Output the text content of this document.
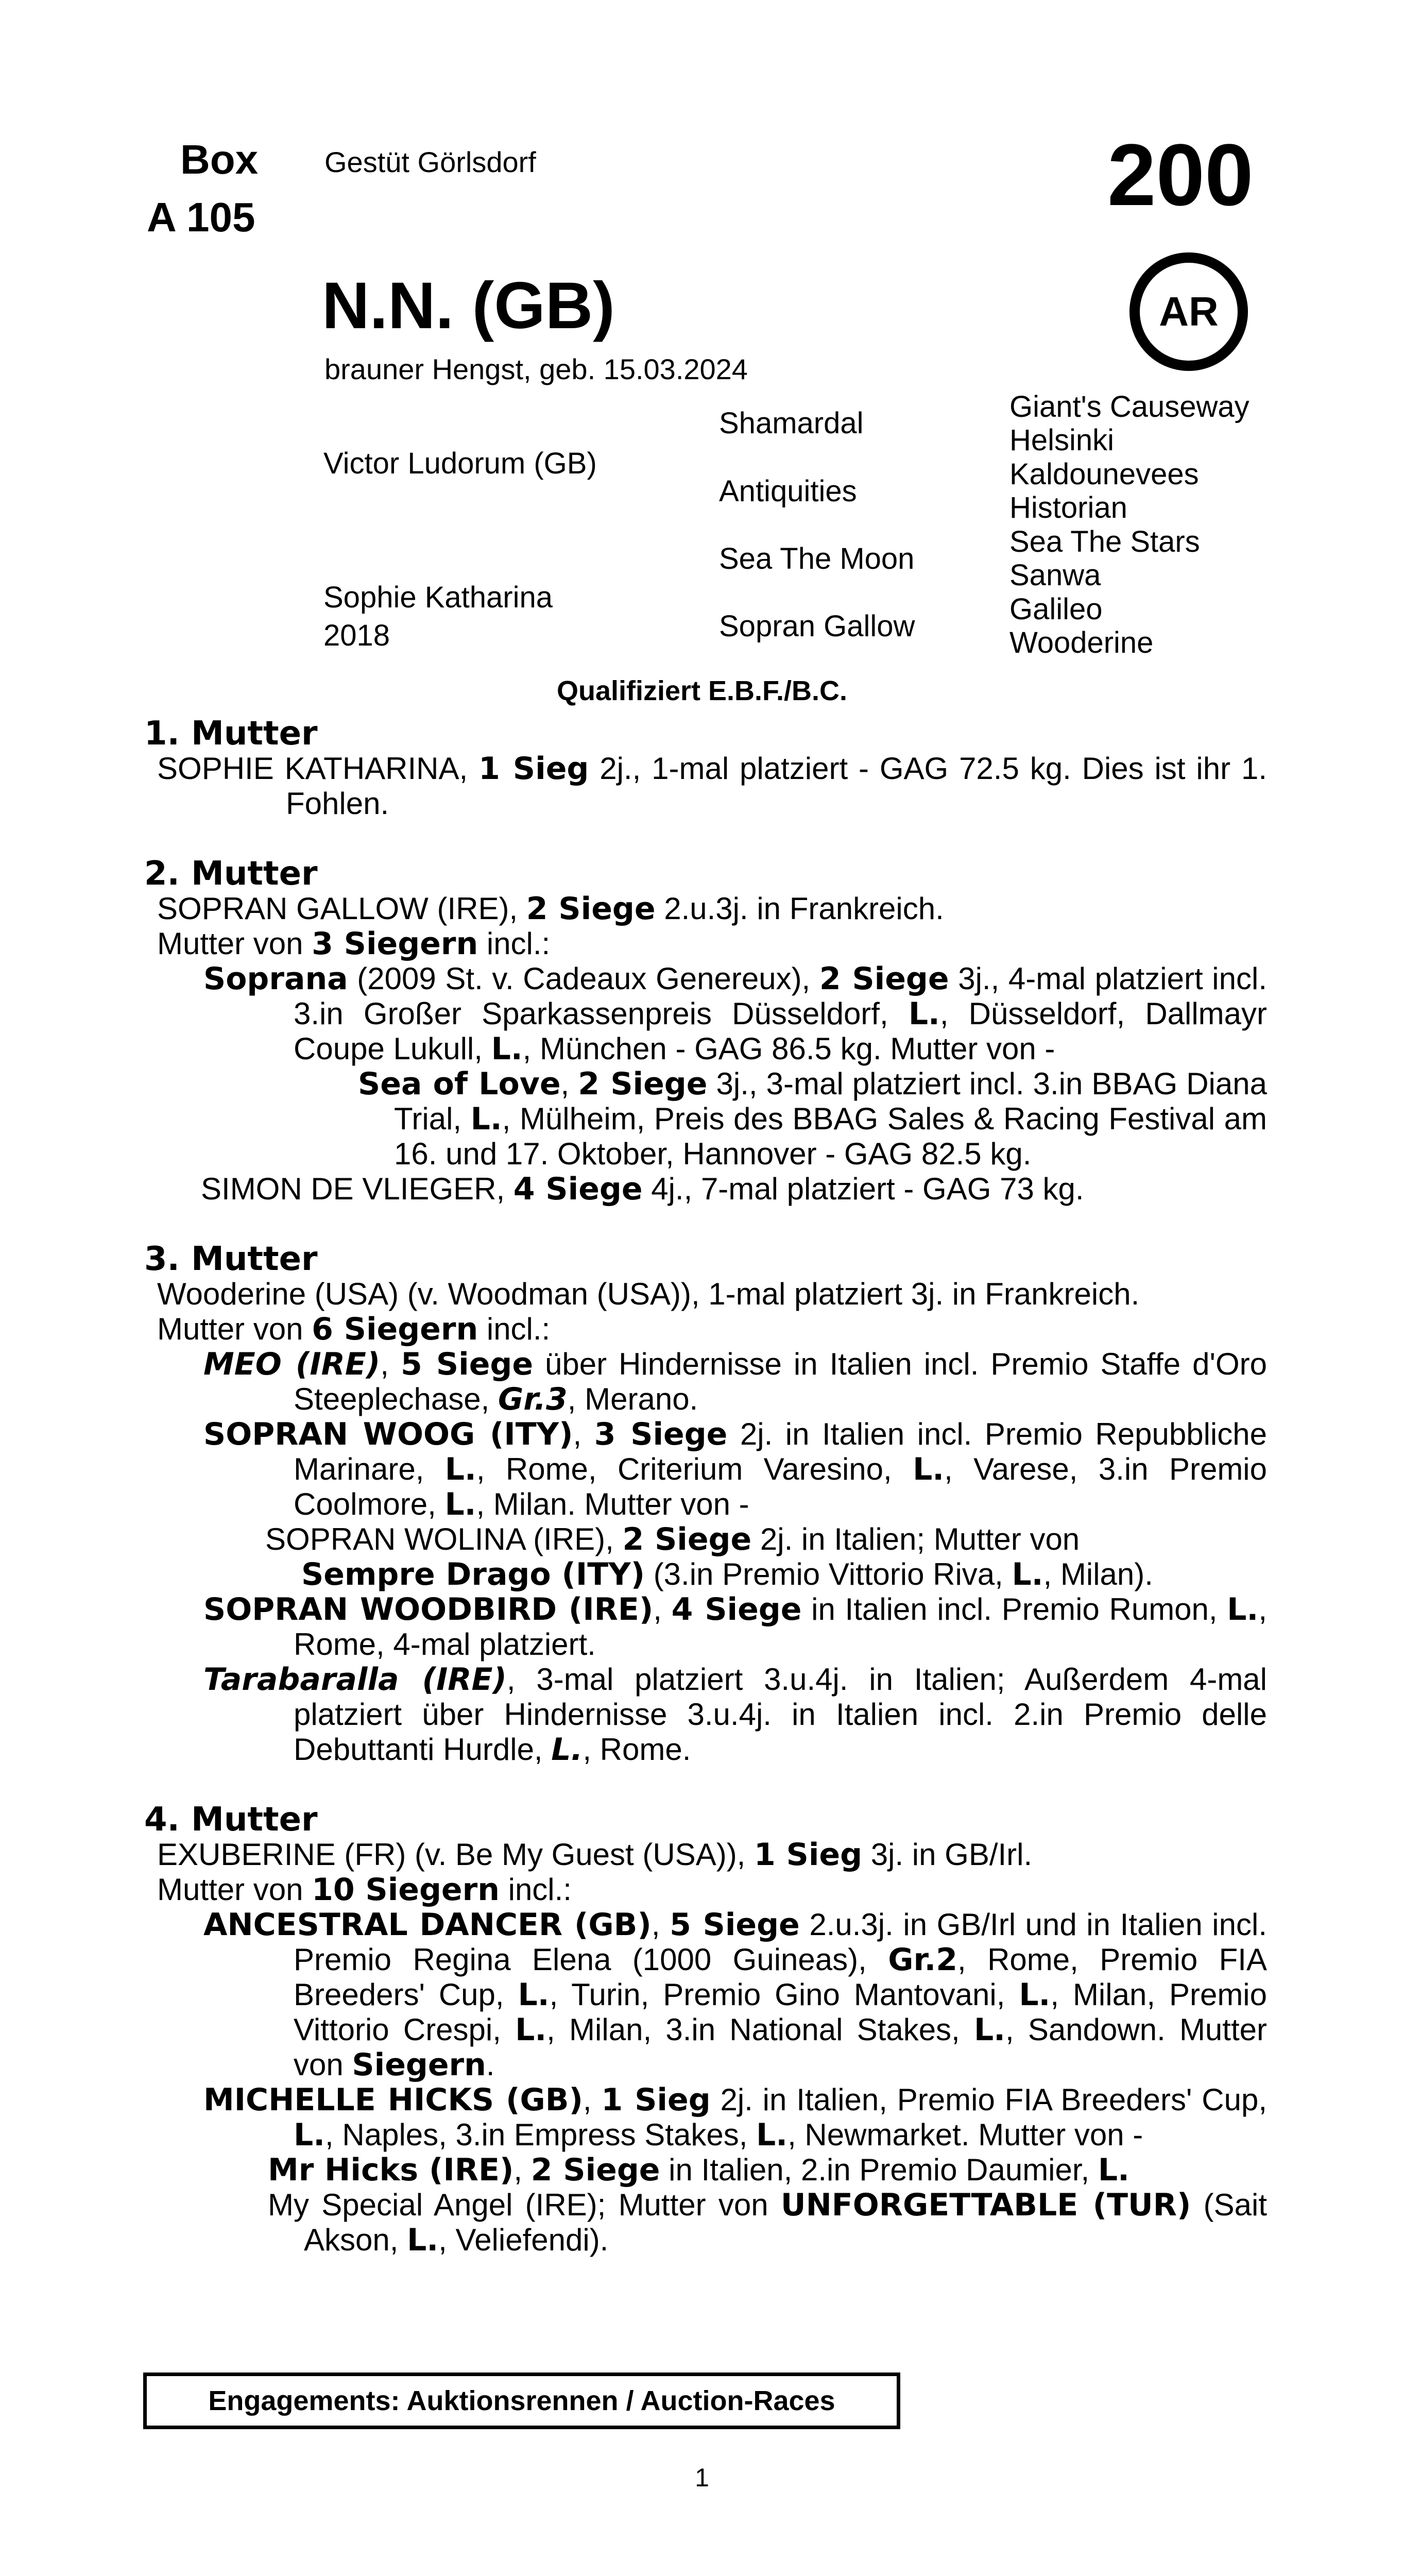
Box
A 105
Gestüt Görlsdorf	200
N.N. (GB)	AR
brauner Hengst, geb. 15.03.2024
Victor Ludorum (GB)
Sophie Katharina
2018
Shamardal
Antiquities
Sea The Moon
Sopran Gallow
Giant's Causeway
Helsinki
Kaldounevees
Historian
Sea The Stars
Sanwa
Galileo
Wooderine
Qualifiziert E.B.F./B.C.
1. Mutter
SOPHIE KATHARINA, 1 Sieg 2j., 1-mal platziert - GAG 72.5 kg. Dies ist ihr 1. Fohlen.
2. Mutter
SOPRAN GALLOW (IRE), 2 Siege 2.u.3j. in Frankreich.
Mutter von 3 Siegern incl.:
Soprana (2009 St. v. Cadeaux Genereux), 2 Siege 3j., 4-mal platziert incl. 3.in Großer Sparkassenpreis Düsseldorf, L., Düsseldorf, Dallmayr Coupe Lukull, L., München - GAG 86.5 kg. Mutter von -
Sea of Love, 2 Siege 3j., 3-mal platziert incl. 3.in BBAG Diana Trial, L., Mülheim, Preis des BBAG Sales & Racing Festival am 16. und 17. Oktober, Hannover - GAG 82.5 kg.
SIMON DE VLIEGER, 4 Siege 4j., 7-mal platziert - GAG 73 kg.
3. Mutter
Wooderine (USA) (v. Woodman (USA)), 1-mal platziert 3j. in Frankreich.
Mutter von 6 Siegern incl.:
MEO (IRE), 5 Siege über Hindernisse in Italien incl. Premio Staffe d'Oro Steeplechase, Gr.3, Merano.
SOPRAN WOOG (ITY), 3 Siege 2j. in Italien incl. Premio Repubbliche Marinare, L., Rome, Criterium Varesino, L., Varese, 3.in Premio Coolmore, L., Milan. Mutter von -
SOPRAN WOLINA (IRE), 2 Siege 2j. in Italien; Mutter von
Sempre Drago (ITY) (3.in Premio Vittorio Riva, L., Milan).
SOPRAN WOODBIRD (IRE), 4 Siege in Italien incl. Premio Rumon, L., Rome, 4-mal platziert.
Tarabaralla (IRE), 3-mal platziert 3.u.4j. in Italien; Außerdem 4-mal platziert über Hindernisse 3.u.4j. in Italien incl. 2.in Premio delle Debuttanti Hurdle, L., Rome.
4. Mutter
EXUBERINE (FR) (v. Be My Guest (USA)), 1 Sieg 3j. in GB/Irl.
Mutter von 10 Siegern incl.:
ANCESTRAL DANCER (GB), 5 Siege 2.u.3j. in GB/Irl und in Italien incl. Premio Regina Elena (1000 Guineas), Gr.2, Rome, Premio FIA Breeders' Cup, L., Turin, Premio Gino Mantovani, L., Milan, Premio Vittorio Crespi, L., Milan, 3.in National Stakes, L., Sandown. Mutter von Siegern.
MICHELLE HICKS (GB), 1 Sieg 2j. in Italien, Premio FIA Breeders' Cup, L., Naples, 3.in Empress Stakes, L., Newmarket. Mutter von -
Mr Hicks (IRE), 2 Siege in Italien, 2.in Premio Daumier, L.
My Special Angel (IRE); Mutter von UNFORGETTABLE (TUR) (Sait Akson, L., Veliefendi).
Engagements: Auktionsrennen / Auction-Races
1
